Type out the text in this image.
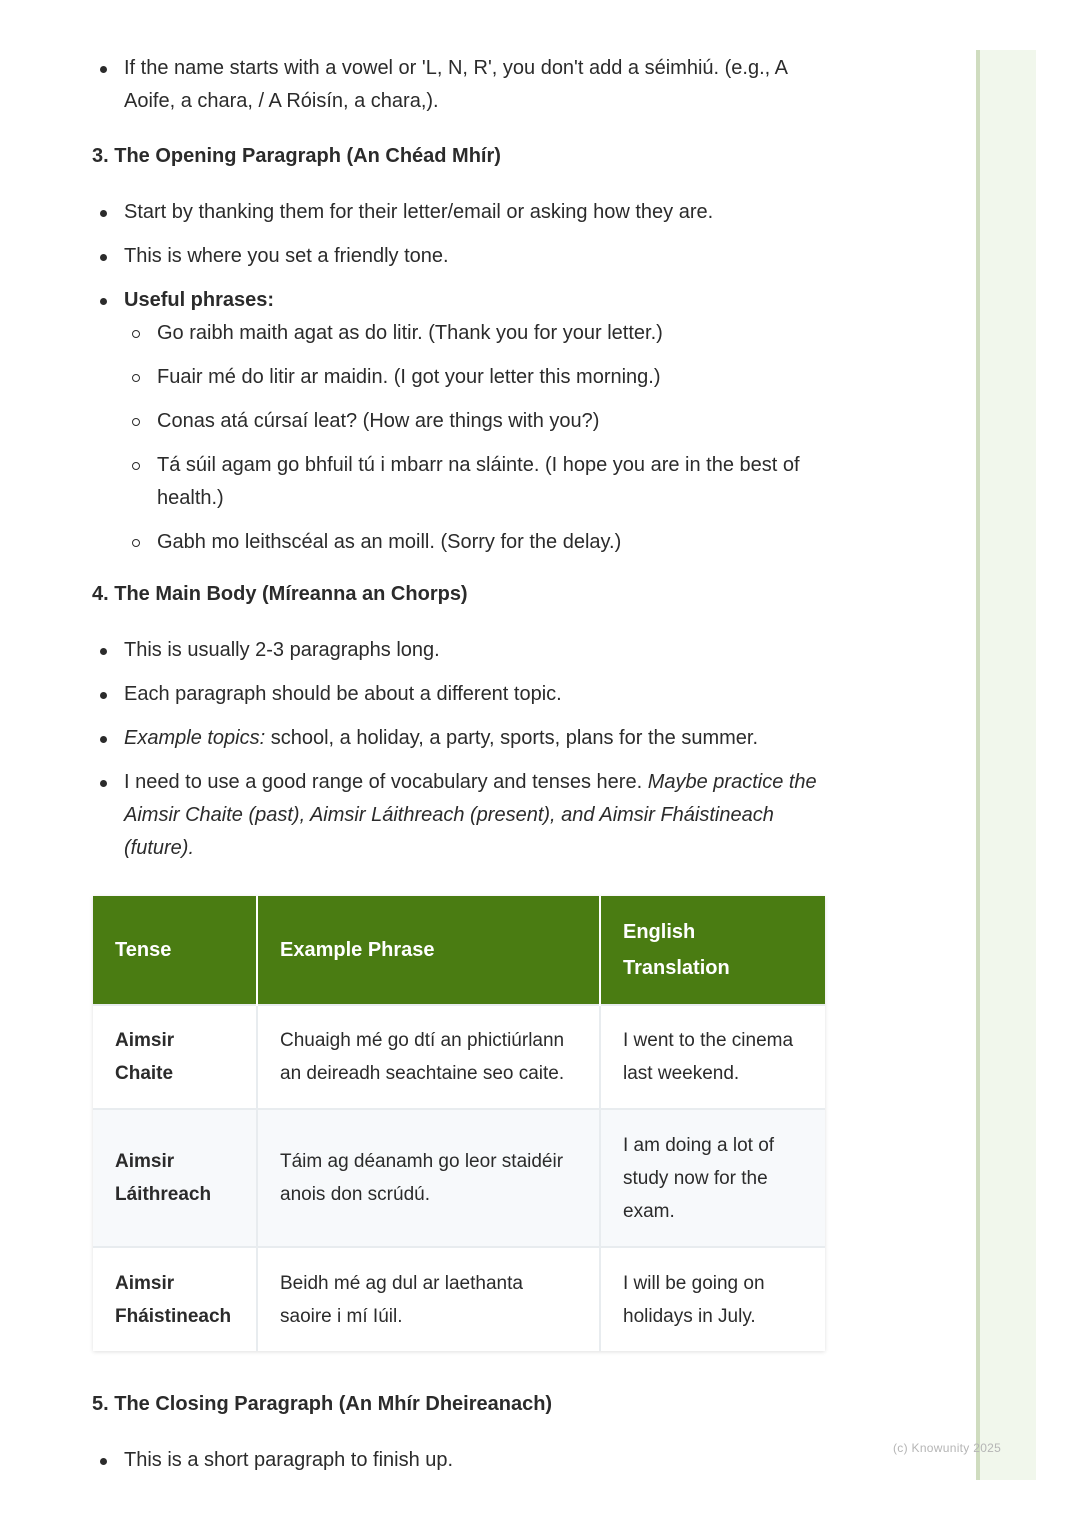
If the name starts with a vowel or 'L, N, R', you don't add a séimhiú. (e.g., A Aoife, a chara, / A Róisín, a chara,).
3. The Opening Paragraph (An Chéad Mhír)
Start by thanking them for their letter/email or asking how they are.
This is where you set a friendly tone.
Useful phrases:
Go raibh maith agat as do litir. (Thank you for your letter.)
Fuair mé do litir ar maidin. (I got your letter this morning.)
Conas atá cúrsaí leat? (How are things with you?)
Tá súil agam go bhfuil tú i mbarr na sláinte. (I hope you are in the best of health.)
Gabh mo leithscéal as an moill. (Sorry for the delay.)
4. The Main Body (Míreanna an Chorps)
This is usually 2-3 paragraphs long.
Each paragraph should be about a different topic.
Example topics: school, a holiday, a party, sports, plans for the summer.
I need to use a good range of vocabulary and tenses here. Maybe practice the Aimsir Chaite (past), Aimsir Láithreach (present), and Aimsir Fháistineach (future).
Tense	Example Phrase	English Translation
Aimsir Chaite	Chuaigh mé go dtí an phictiúrlann an deireadh seachtaine seo caite.	I went to the cinema last weekend.
Aimsir Láithreach	Táim ag déanamh go leor staidéir anois don scrúdú.	I am doing a lot of study now for the exam.
Aimsir Fháistineach	Beidh mé ag dul ar laethanta saoire i mí Iúil.	I will be going on holidays in July.
5. The Closing Paragraph (An Mhír Dheireanach)
This is a short paragraph to finish up.
(c) Knowunity 2025
